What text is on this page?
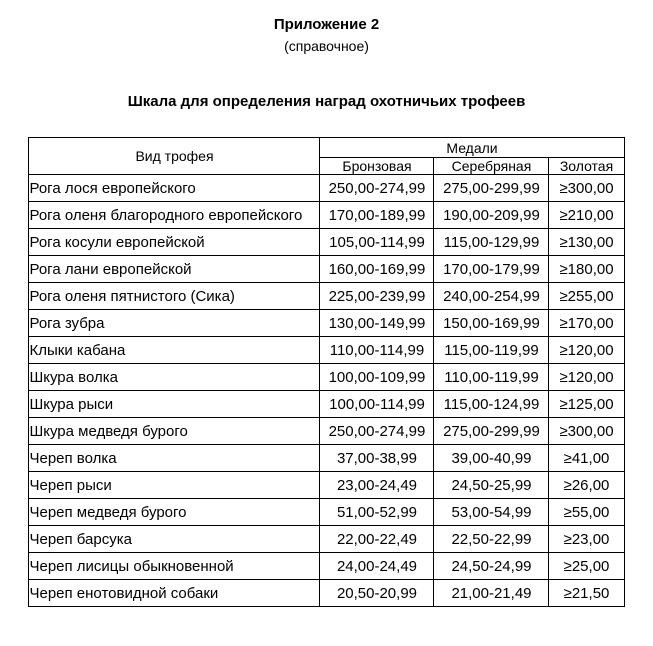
Приложение 2
(справочное)
Шкала для определения наград охотничьих трофеев
Вид трофея	Медали		
	Бронзовая	Серебряная	Золотая
Рога лося европейского	250,00-274,99	275,00-299,99	≥300,00
Рога оленя благородного европейского	170,00-189,99	190,00-209,99	≥210,00
Рога косули европейской	105,00-114,99	115,00-129,99	≥130,00
Рога лани европейской	160,00-169,99	170,00-179,99	≥180,00
Рога оленя пятнистого (Сика)	225,00-239,99	240,00-254,99	≥255,00
Рога зубра	130,00-149,99	150,00-169,99	≥170,00
Клыки кабана	110,00-114,99	115,00-119,99	≥120,00
Шкура волка	100,00-109,99	110,00-119,99	≥120,00
Шкура рыси	100,00-114,99	115,00-124,99	≥125,00
Шкура медведя бурого	250,00-274,99	275,00-299,99	≥300,00
Череп волка	37,00-38,99	39,00-40,99	≥41,00
Череп рыси	23,00-24,49	24,50-25,99	≥26,00
Череп медведя бурого	51,00-52,99	53,00-54,99	≥55,00
Череп барсука	22,00-22,49	22,50-22,99	≥23,00
Череп лисицы обыкновенной	24,00-24,49	24,50-24,99	≥25,00
Череп енотовидной собаки	20,50-20,99	21,00-21,49	≥21,50
